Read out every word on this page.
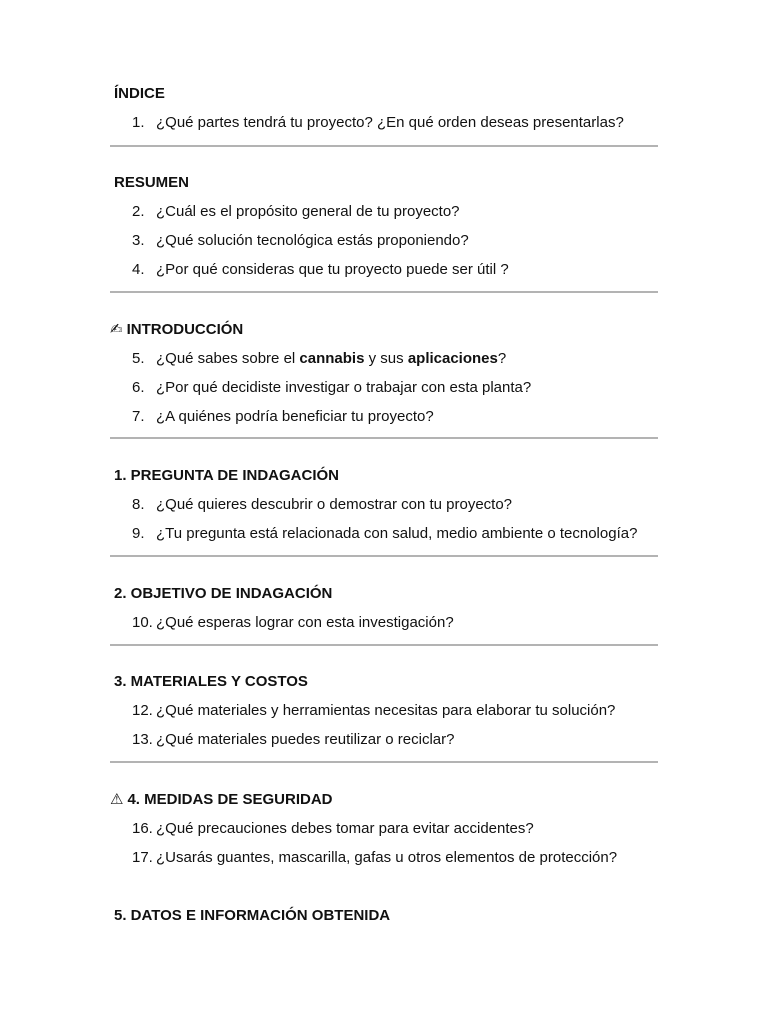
ÍNDICE
1. ¿Qué partes tendrá tu proyecto? ¿En qué orden deseas presentarlas?
RESUMEN
2. ¿Cuál es el propósito general de tu proyecto?
3. ¿Qué solución tecnológica estás proponiendo?
4. ¿Por qué consideras que tu proyecto puede ser útil ?
✍ INTRODUCCIÓN
5. ¿Qué sabes sobre el cannabis y sus aplicaciones?
6. ¿Por qué decidiste investigar o trabajar con esta planta?
7. ¿A quiénes podría beneficiar tu proyecto?
1. PREGUNTA DE INDAGACIÓN
8. ¿Qué quieres descubrir o demostrar con tu proyecto?
9. ¿Tu pregunta está relacionada con salud, medio ambiente o tecnología?
2. OBJETIVO DE INDAGACIÓN
10. ¿Qué esperas lograr con esta investigación?
3. MATERIALES Y COSTOS
12. ¿Qué materiales y herramientas necesitas para elaborar tu solución?
13. ¿Qué materiales puedes reutilizar o reciclar?
⚠ 4. MEDIDAS DE SEGURIDAD
16. ¿Qué precauciones debes tomar para evitar accidentes?
17. ¿Usarás guantes, mascarilla, gafas u otros elementos de protección?
5. DATOS E INFORMACIÓN OBTENIDA
